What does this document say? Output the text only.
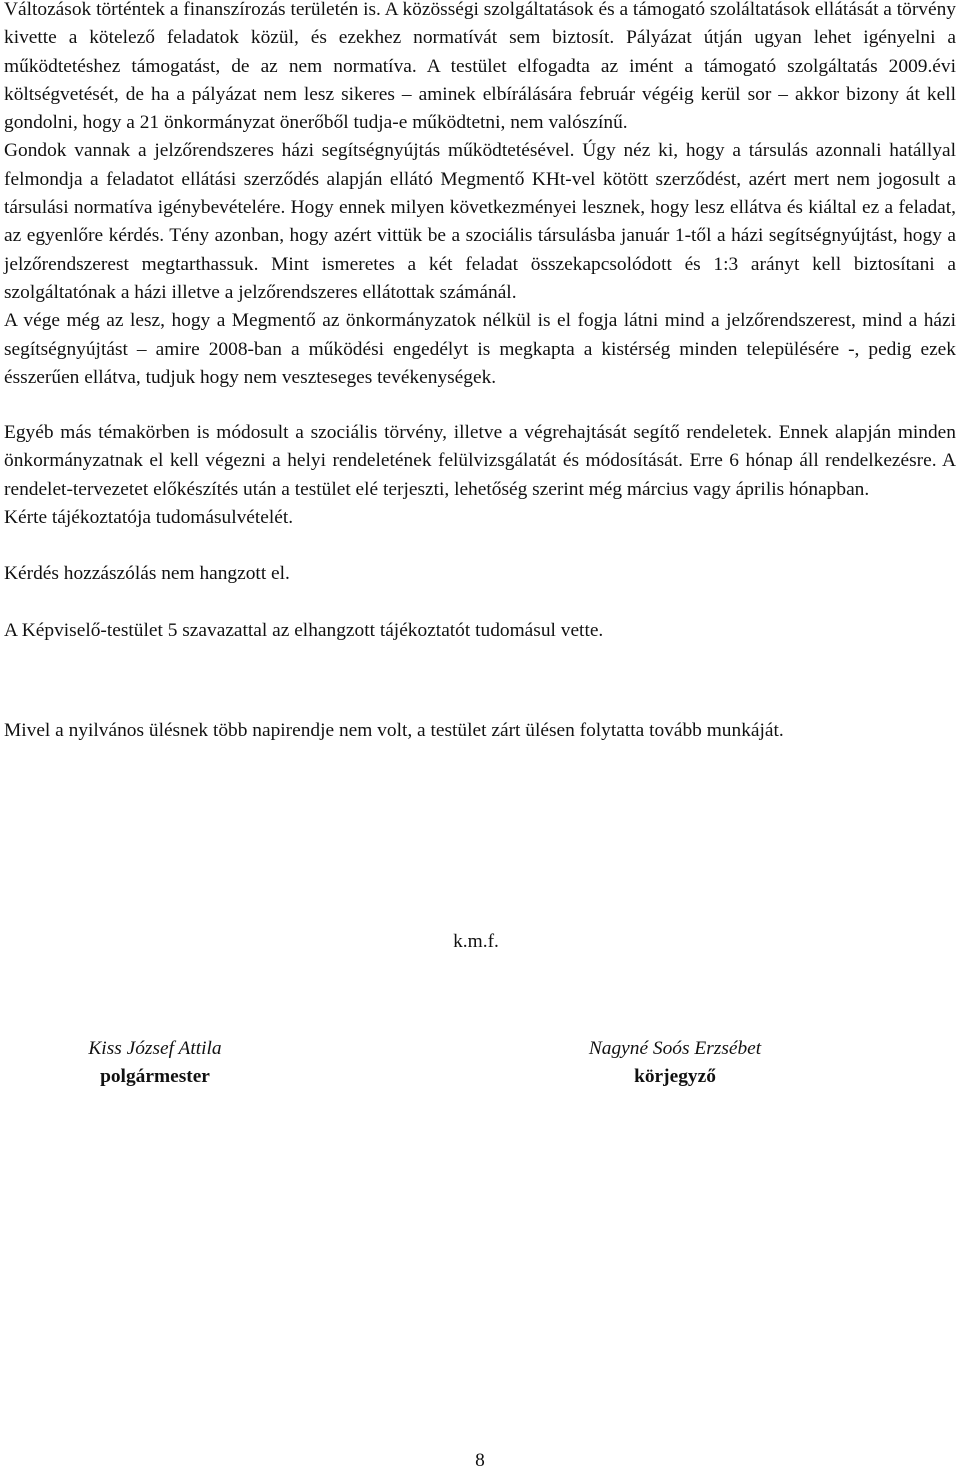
Változások történtek a finanszírozás területén is. A közösségi szolgáltatások és a támogató szoláltatások ellátását a törvény kivette a kötelező feladatok közül, és ezekhez normatívát sem biztosít. Pályázat útján ugyan lehet igényelni a működtetéshez támogatást, de az nem normatíva. A testület elfogadta az imént a támogató szolgáltatás 2009.évi költségvetését, de ha a pályázat nem lesz sikeres – aminek elbírálására február végéig kerül sor – akkor bizony át kell gondolni, hogy a 21 önkormányzat önerőből tudja-e működtetni, nem valószínű.

Gondok vannak a jelzőrendszeres házi segítségnyújtás működtetésével. Úgy néz ki, hogy a társulás azonnali hatállyal felmondja a feladatot ellátási szerződés alapján ellátó Megmentő KHt-vel kötött szerződést, azért mert nem jogosult a társulási normatíva igénybevételére. Hogy ennek milyen következményei lesznek, hogy lesz ellátva és kiáltal ez a feladat, az egyenlőre kérdés. Tény azonban, hogy azért vittük be a szociális társulásba január 1-től a házi segítségnyújtást, hogy a jelzőrendszerest megtarthassuk. Mint ismeretes a két feladat összekapcsolódott és 1:3 arányt kell biztosítani a szolgáltatónak a házi illetve a jelzőrendszeres ellátottak számánál.

A vége még az lesz, hogy a Megmentő az önkormányzatok nélkül is el fogja látni mind a jelzőrendszerest, mind a házi segítségnyújtást – amire 2008-ban a működési engedélyt is megkapta a kistérség minden településére -, pedig ezek ésszerűen ellátva, tudjuk hogy nem veszteseges tevékenységek.

Egyéb más témakörben is módosult a szociális törvény, illetve a végrehajtását segítő rendeletek. Ennek alapján minden önkormányzatnak el kell végezni a helyi rendeletének felülvizsgálatát és módosítását. Erre 6 hónap áll rendelkezésre. A rendelet-tervezetet előkészítés után a testület elé terjeszti, lehetőség szerint még március vagy április hónapban.

Kérte tájékoztatója tudomásulvételét.

Kérdés hozzászólás nem hangzott el.

A Képviselő-testület 5 szavazattal az elhangzott tájékoztatót tudomásul vette.

Mivel a nyilvános ülésnek több napirendje nem volt, a testület zárt ülésen folytatta tovább munkáját.

k.m.f.
Kiss József Attila
polgármester
Nagyné Soós Erzsébet
körjegyző
8
